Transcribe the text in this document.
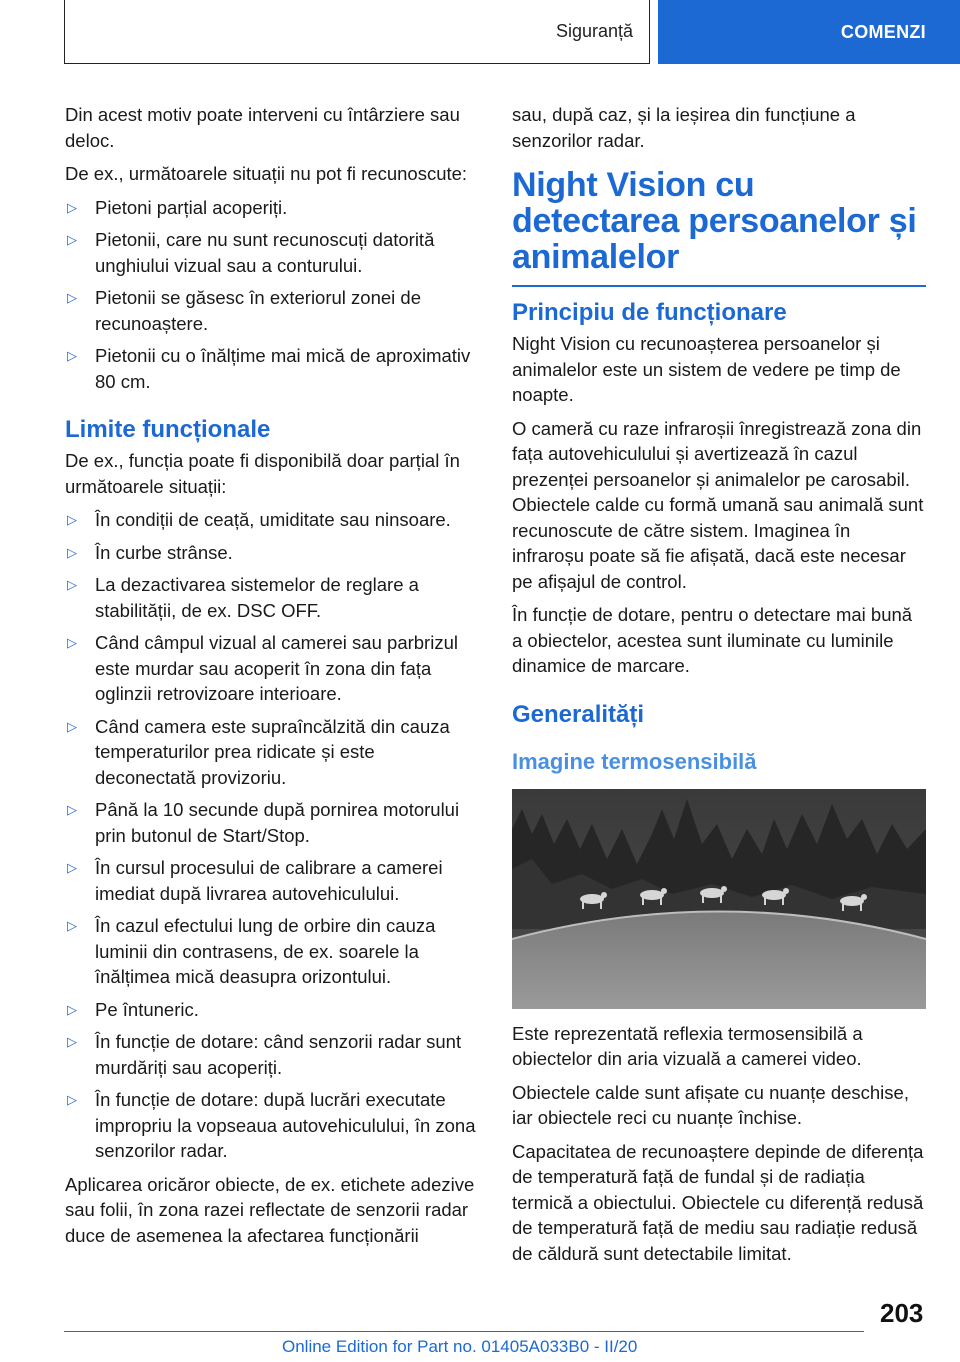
Siguranță	COMENZI

Din acest motiv poate interveni cu întârziere sau deloc.

De ex., următoarele situații nu pot fi recunoscute:

▷ Pietoni parțial acoperiți.
▷ Pietonii, care nu sunt recunoscuți datorită unghiului vizual sau a conturului.
▷ Pietonii se găsesc în exteriorul zonei de recunoaștere.
▷ Pietonii cu o înălțime mai mică de aproximativ 80 cm.
Limite funcționale

De ex., funcția poate fi disponibilă doar parțial în următoarele situații:

▷ În condiții de ceață, umiditate sau ninsoare.
▷ În curbe strânse.
▷ La dezactivarea sistemelor de reglare a stabilității, de ex. DSC OFF.
▷ Când câmpul vizual al camerei sau parbrizul este murdar sau acoperit în zona din fața oglinzii retrovizoare interioare.
▷ Când camera este supraîncălzită din cauza temperaturilor prea ridicate și este deconectată provizoriu.
▷ Până la 10 secunde după pornirea motorului prin butonul de Start/Stop.
▷ În cursul procesului de calibrare a camerei imediat după livrarea autovehiculului.
▷ În cazul efectului lung de orbire din cauza luminii din contrasens, de ex. soarele la înălțimea mică deasupra orizontului.
▷ Pe întuneric.
▷ În funcție de dotare: când senzorii radar sunt murdăriți sau acoperiți.
▷ În funcție de dotare: după lucrări executate impropriu la vopseaua autovehiculului, în zona senzorilor radar.

Aplicarea oricăror obiecte, de ex. etichete adezive sau folii, în zona razei reflectate de senzorii radar duce de asemenea la afectarea funcționării

sau, după caz, și la ieșirea din funcțiune a senzorilor radar.

Night Vision cu detectarea persoanelor și animalelor
Principiu de funcționare

Night Vision cu recunoașterea persoanelor și animalelor este un sistem de vedere pe timp de noapte.

O cameră cu raze infraroșii înregistrează zona din fața autovehiculului și avertizează în cazul prezenței persoanelor și animalelor pe carosabil. Obiectele calde cu formă umană sau animală sunt recunoscute de către sistem. Imaginea în infraroșu poate să fie afișată, dacă este necesar pe afișajul de control.

În funcție de dotare, pentru o detectare mai bună a obiectelor, acestea sunt iluminate cu luminile dinamice de marcare.

Generalități
Imagine termosensibilă

Este reprezentată reflexia termosensibilă a obiectelor din aria vizuală a camerei video.

Obiectele calde sunt afișate cu nuanțe deschise, iar obiectele reci cu nuanțe închise.

Capacitatea de recunoaștere depinde de diferența de temperatură față de fundal și de radiația termică a obiectului. Obiectele cu diferență redusă de temperatură față de mediu sau radiație redusă de căldură sunt detectabile limitat.

203
Online Edition for Part no. 01405A033B0 - II/20
